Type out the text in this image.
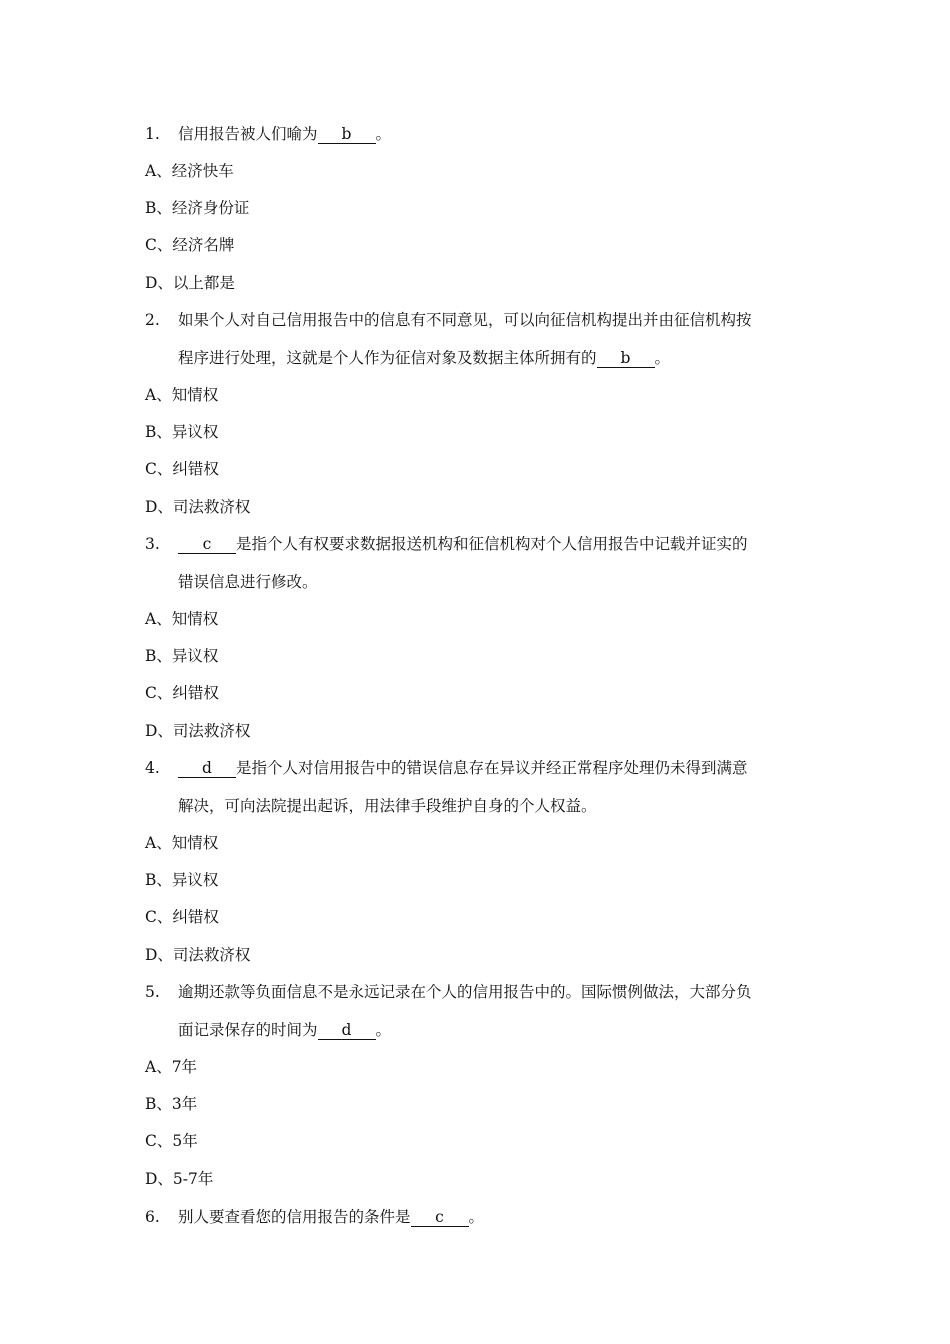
1. 信用报告被人们喻为 b 。
A、经济快车
B、经济身份证
C、经济名牌
D、以上都是
2. 如果个人对自己信用报告中的信息有不同意见，可以向征信机构提出并由征信机构按
程序进行处理，这就是个人作为征信对象及数据主体所拥有的 b 。
A、知情权
B、异议权
C、纠错权
D、司法救济权
3.	c 是指个人有权要求数据报送机构和征信机构对个人信用报告中记载并证实的
错误信息进行修改。
A、知情权
B、异议权
C、纠错权
D、司法救济权
4.	d 是指个人对信用报告中的错误信息存在异议并经正常程序处理仍未得到满意
解决，可向法院提出起诉，用法律手段维护自身的个人权益。
A、知情权
B、异议权
C、纠错权
D、司法救济权
5. 逾期还款等负面信息不是永远记录在个人的信用报告中的。国际惯例做法，大部分负
面记录保存的时间为 d 。
A、7年
B、3年
C、5年
D、5-7年
6. 别人要查看您的信用报告的条件是 c 。
